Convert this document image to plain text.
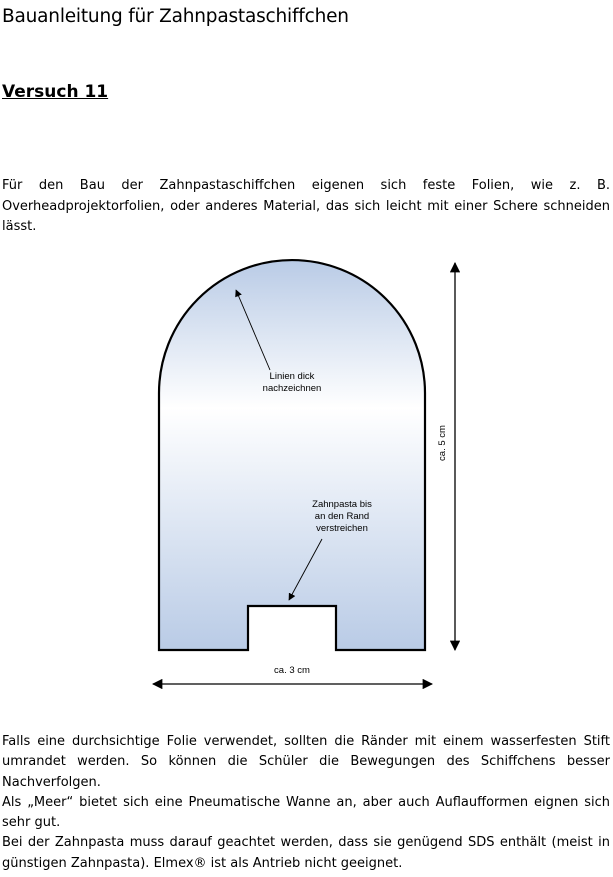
Bauanleitung für Zahnpastaschiffchen
Versuch 11
Für den Bau der Zahnpastaschiffchen eigenen sich feste Folien, wie z. B. Overheadprojektorfolien, oder anderes Material, das sich leicht mit einer Schere schneiden lässt.
Linien dick
nachzeichnen
Zahnpasta bis
an den Rand
verstreichen
ca. 5 cm
ca. 3 cm
Falls eine durchsichtige Folie verwendet, sollten die Ränder mit einem wasserfesten Stift umrandet werden. So können die Schüler die Bewegungen des Schiffchens besser Nachverfolgen.
Als „Meer“ bietet sich eine Pneumatische Wanne an, aber auch Auflaufformen eignen sich sehr gut.
Bei der Zahnpasta muss darauf geachtet werden, dass sie genügend SDS enthält (meist in günstigen Zahnpasta). Elmex® ist als Antrieb nicht geeignet.
